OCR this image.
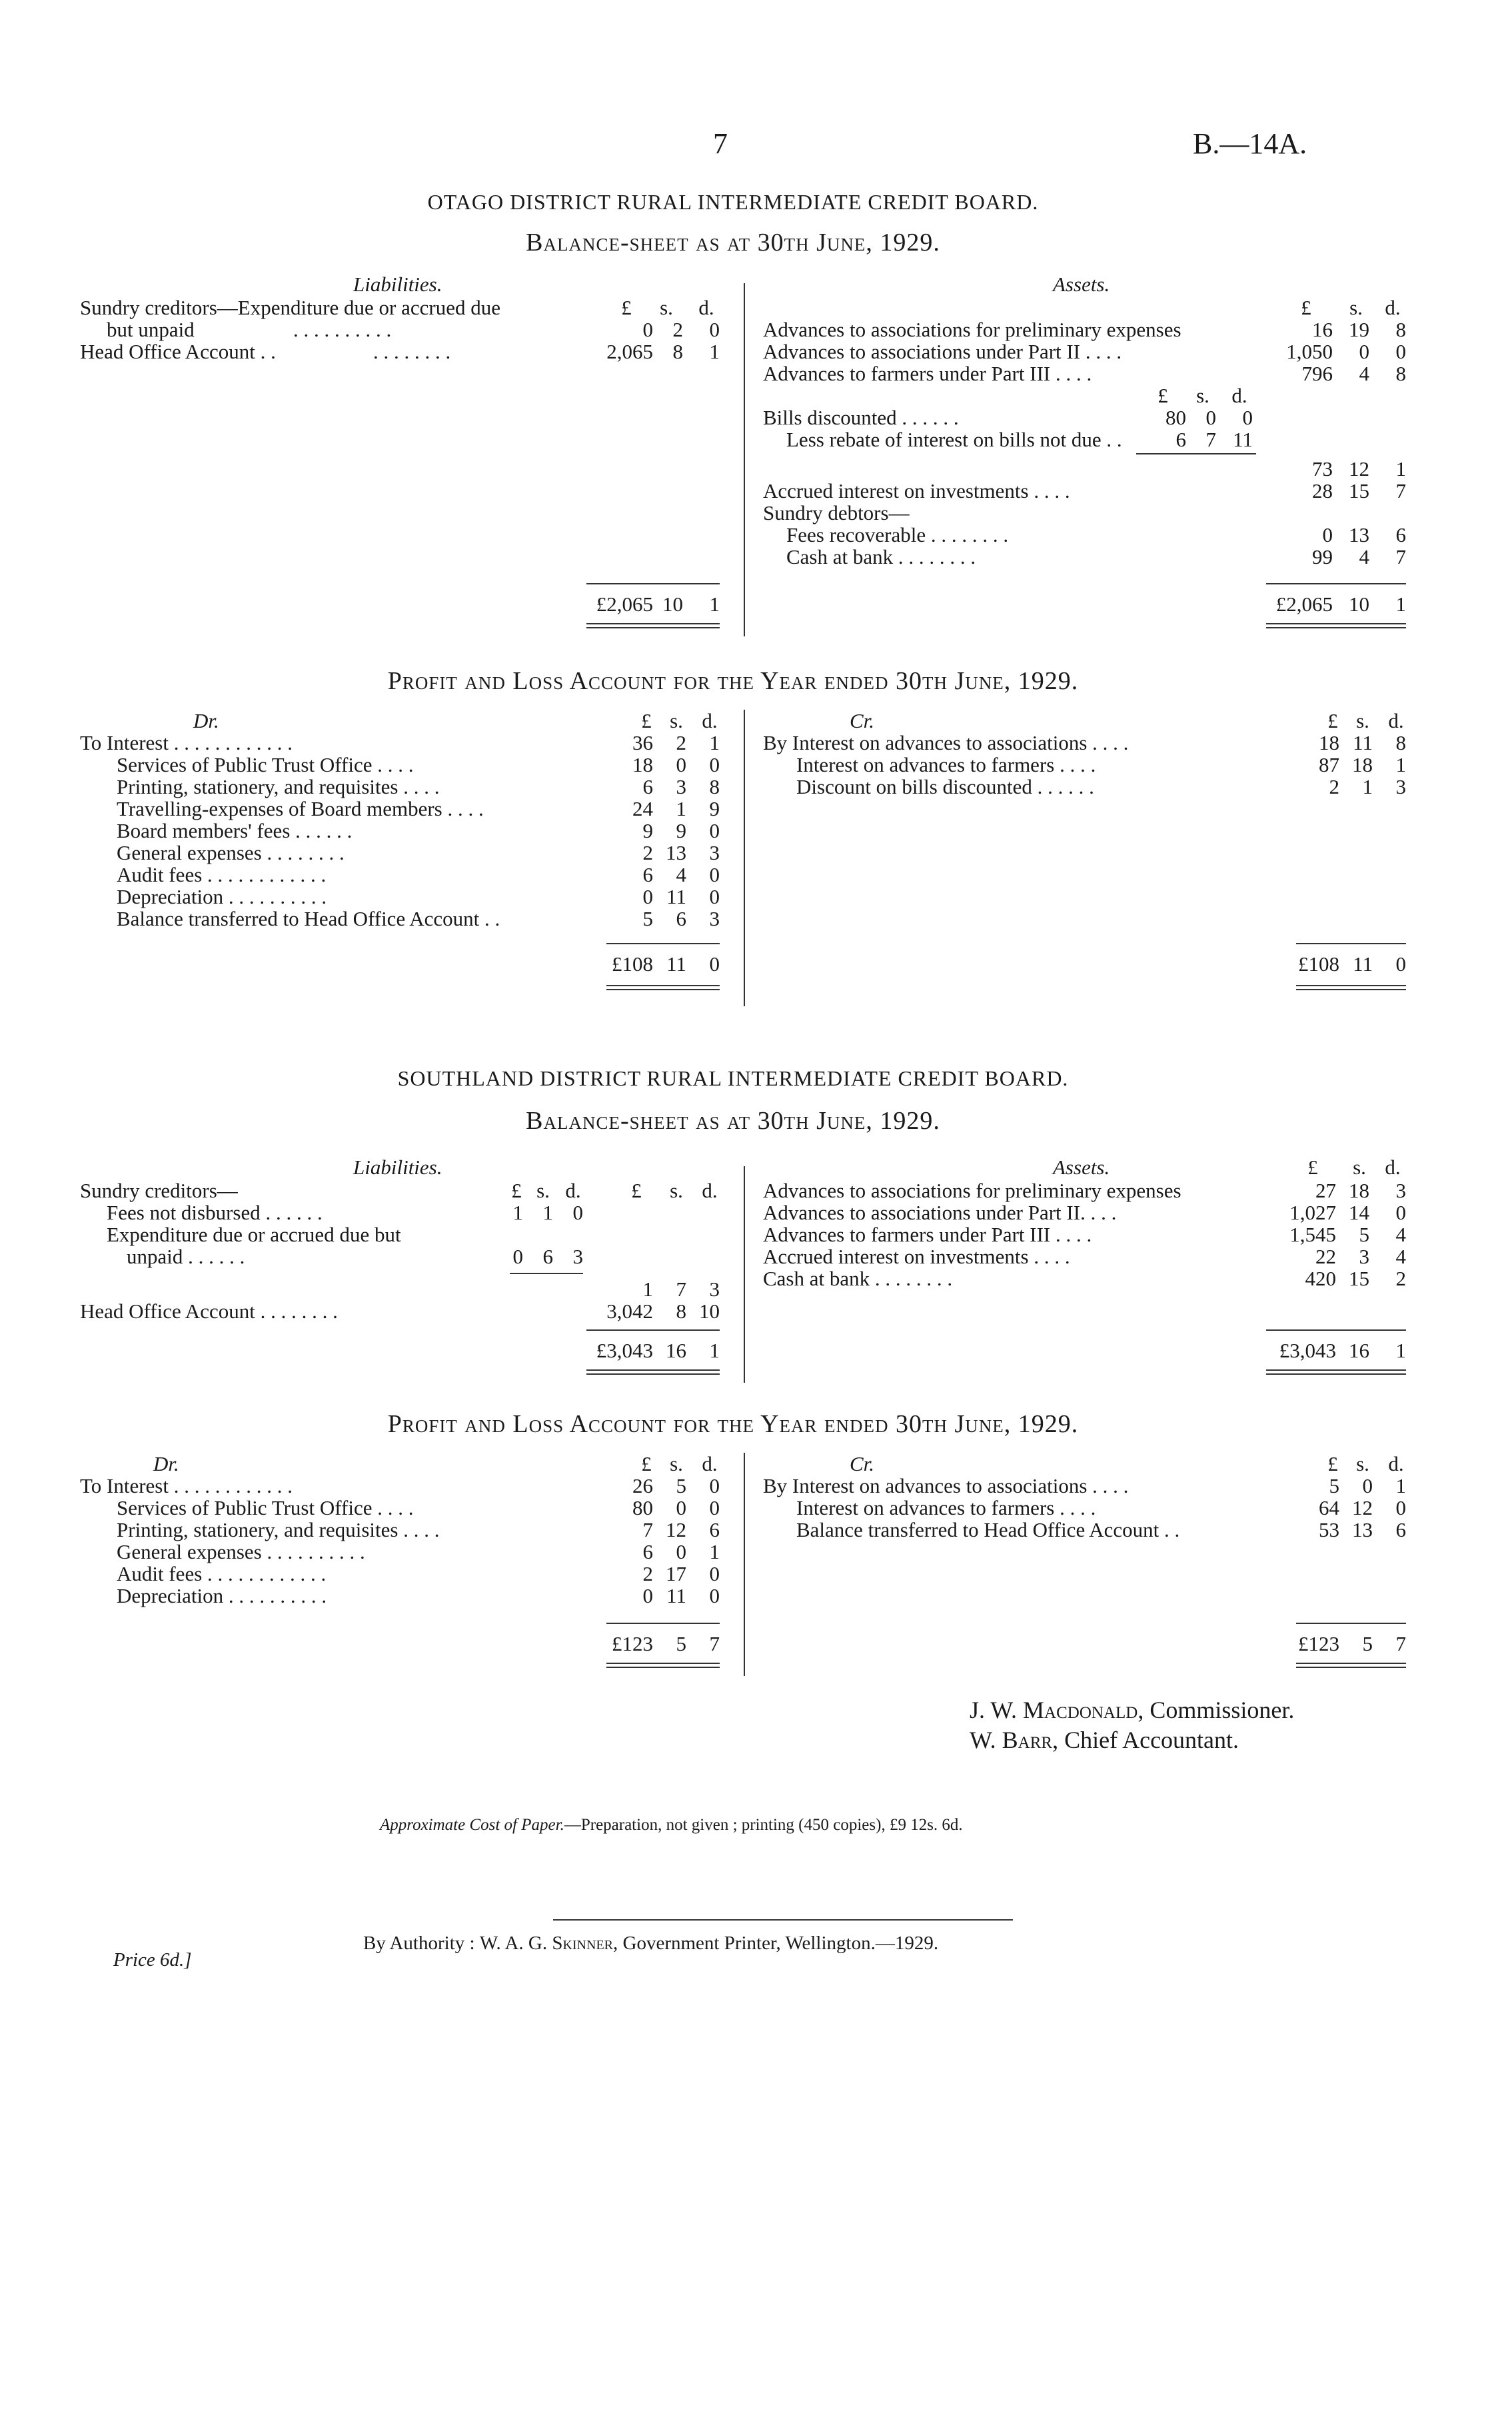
7	B.—14A.
OTAGO DISTRICT RURAL INTERMEDIATE CREDIT BOARD.
Balance-sheet as at 30th June, 1929.
Liabilities.
£ s. d.
Sundry creditors—Expenditure due or accrued due
but unpaid	. . . . . . . . . .	0 2	0
Head Office Account . .	. . . . . . . .	2,065 8	1
£2,065 10	1
Assets.
£ s. d.
Advances to associations for preliminary expenses	16 19	8
Advances to associations under Part II . . . .	1,050	0	0
Advances to farmers under Part III . . . .	796	4	8
£ s. d.
Bills discounted . . . . . .	80 0	0
Less rebate of interest on bills not due . .	6 7 11
73 12	1
Accrued interest on investments . . . .	28 15	7
Sundry debtors—
Fees recoverable . . . . . . . .	0 13	6
Cash at bank . . . . . . . .	99	4	7
£2,065 10	1
Profit and Loss Account for the Year ended 30th June, 1929.
Dr.	£ s. d.
To Interest . . . . . . . . . . . .	36	2	1
Services of Public Trust Office . . . .	18	0	0
Printing, stationery, and requisites . . . .	6	3	8
Travelling-expenses of Board members . . . .	24	1	9
Board members' fees . . . . . .	9	9	0
General expenses . . . . . . . .	2 13	3
Audit fees . . . . . . . . . . . .	6	4	0
Depreciation . . . . . . . . . .	0 11	0
Balance transferred to Head Office Account . .	5	6	3
£108 11	0
Cr.	£ s. d.
By Interest on advances to associations . . . .	18 11	8
Interest on advances to farmers . . . .	87 18	1
Discount on bills discounted . . . . . .	2	1	3
£108 11	0
SOUTHLAND DISTRICT RURAL INTERMEDIATE CREDIT BOARD.
Balance-sheet as at 30th June, 1929.
Liabilities.
£ s. d. £ s. d.
Sundry creditors—
Fees not disbursed . . . . . .	1 1 0
Expenditure due or accrued due but
unpaid . . . . . .	0 6 3
1	7	3
Head Office Account . . . . . . . .	3,042	8 10
£3,043 16	1
Assets.	£ s. d.
Advances to associations for preliminary expenses	27 18	3
Advances to associations under Part II. . . .	1,027 14	0
Advances to farmers under Part III . . . .	1,545	5	4
Accrued interest on investments . . . .	22	3	4
Cash at bank . . . . . . . .	420 15	2
£3,043 16	1
Profit and Loss Account for the Year ended 30th June, 1929.
Dr.	£ s. d.
To Interest . . . . . . . . . . . .	26	5	0
Services of Public Trust Office . . . .	80	0	0
Printing, stationery, and requisites . . . .	7 12	6
General expenses . . . . . . . . . .	6	0	1
Audit fees . . . . . . . . . . . .	2 17	0
Depreciation . . . . . . . . . .	0 11	0
£123	5	7
Cr.	£ s. d.
By Interest on advances to associations . . . .	5	0	1
Interest on advances to farmers . . . .	64 12	0
Balance transferred to Head Office Account . .	53 13	6
£123	5	7
J. W. Macdonald, Commissioner.
W. Barr, Chief Accountant.
Approximate Cost of Paper.—Preparation, not given ; printing (450 copies), £9 12s. 6d.
By Authority : W. A. G. Skinner, Government Printer, Wellington.—1929.
Price 6d.]
